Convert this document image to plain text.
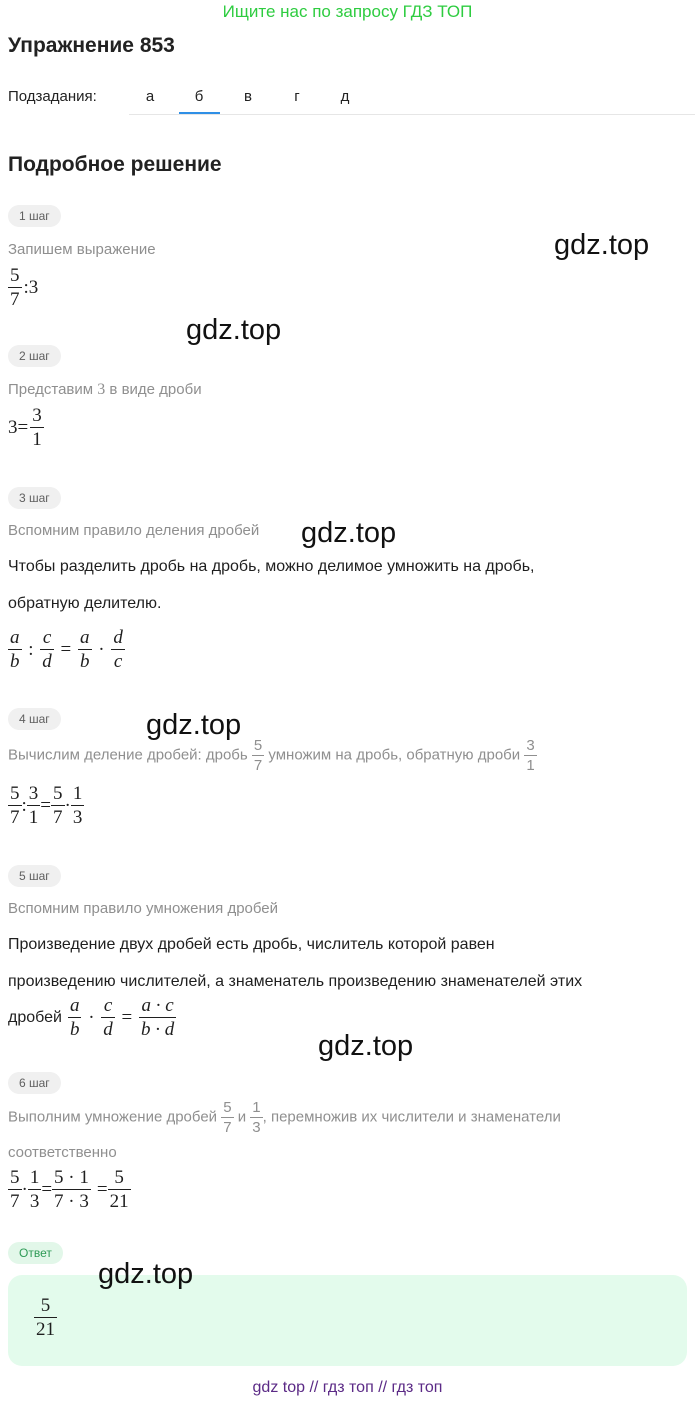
Ищите нас по запросу ГДЗ ТОП
Упражнение 853
Подзадания:	а	б	в	г	д
Подробное решение
1 шаг
Запишем выражение
$\frac{5}{7}$ :3
2 шаг
Представим 3 в виде дроби
$3= \frac{3}{1}$
3 шаг
Вспомним правило деления дробей
Чтобы разделить дробь на дробь, можно делимое умножить на дробь,
обратную делителю.
$\frac{a}{b}$ : $\frac{c}{d} = \frac{a}{b} \cdot \frac{d}{c}$
4 шаг
Вычислим деление дробей: дробь $\frac{5}{7}$ умножим на дробь, обратную дроби $\frac{3}{1}$
$\frac{5}{7}$ : $\frac{3}{1} = \frac{5}{7} \cdot \frac{1}{3}$
5 шаг
Вспомним правило умножения дробей
Произведение двух дробей есть дробь, числитель которой равен
произведению числителей, а знаменатель произведению знаменателей этих
дробей $\frac{a}{b} \cdot \frac{c}{d} = \frac{a \cdot c}{b \cdot d}$
6 шаг
Выполним умножение дробей $\frac{5}{7}$ и $\frac{1}{3}$ , перемножив их числители и знаменатели
соответственно
$\frac{5}{7} \cdot \frac{1}{3} = \frac{5 \cdot 1}{7 \cdot 3} = \frac{5}{21}$
Ответ
$\frac{5}{21}$
gdz.top
gdz.top
gdz.top
gdz.top
gdz.top
gdz.top
gdz top // гдз топ // гдз топ
